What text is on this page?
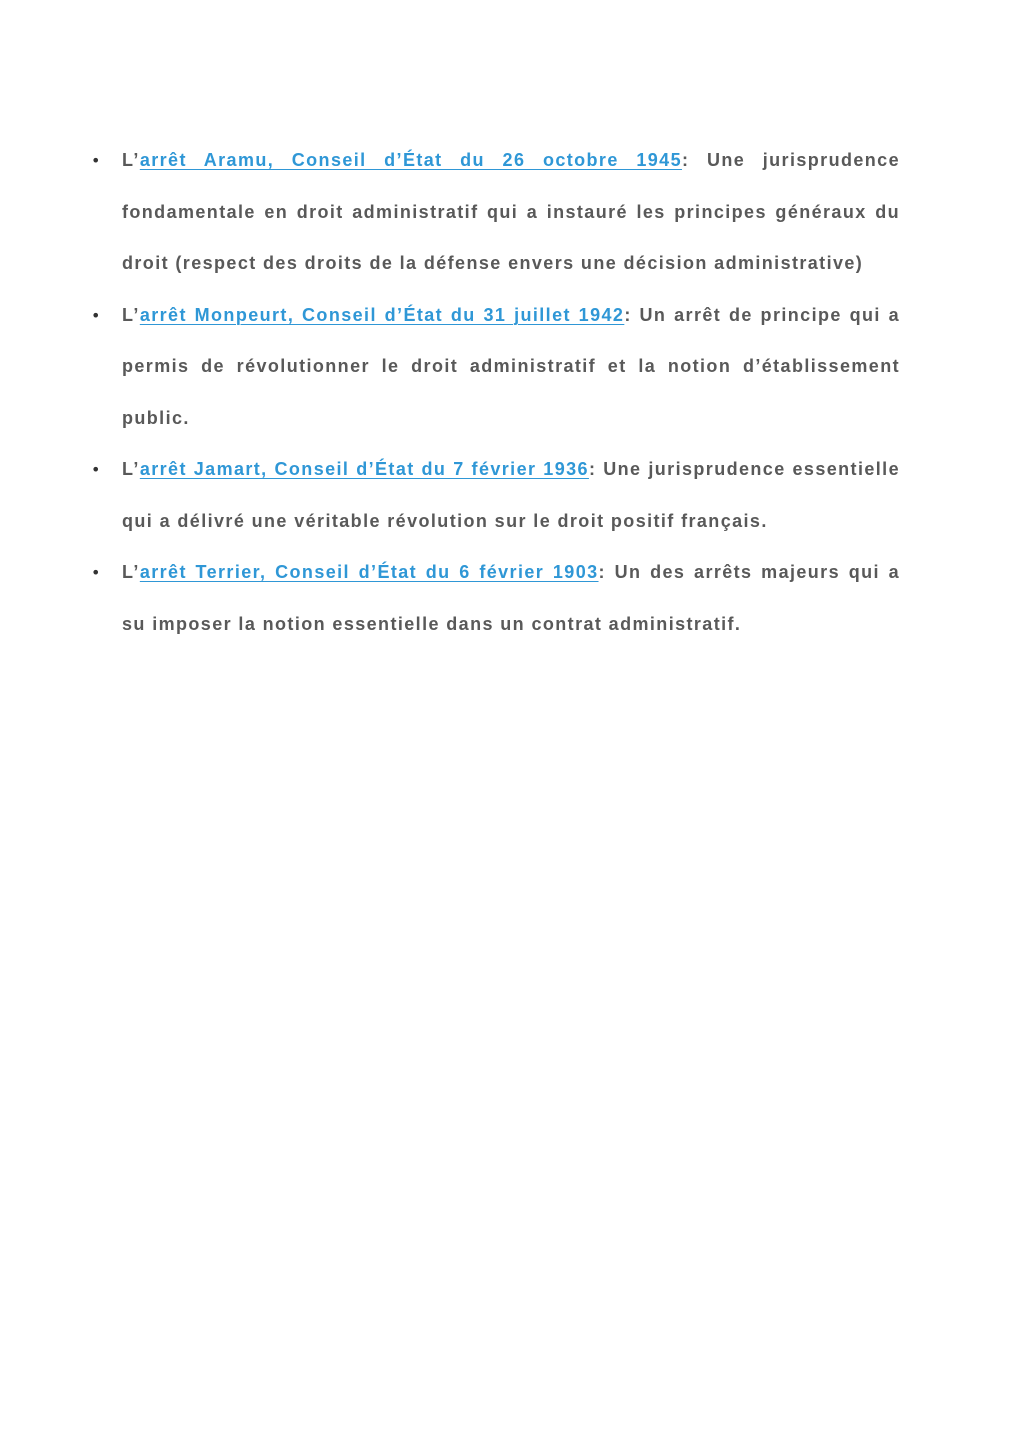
• L’arrêt Aramu, Conseil d’État du 26 octobre 1945: Une jurisprudence fondamentale en droit administratif qui a instauré les principes généraux du droit (respect des droits de la défense envers une décision administrative)

• L’arrêt Monpeurt, Conseil d’État du 31 juillet 1942: Un arrêt de principe qui a permis de révolutionner le droit administratif et la notion d’établissement public.

• L’arrêt Jamart, Conseil d’État du 7 février 1936: Une jurisprudence essentielle qui a délivré une véritable révolution sur le droit positif français.

• L’arrêt Terrier, Conseil d’État du 6 février 1903: Un des arrêts majeurs qui a su imposer la notion essentielle dans un contrat administratif.
